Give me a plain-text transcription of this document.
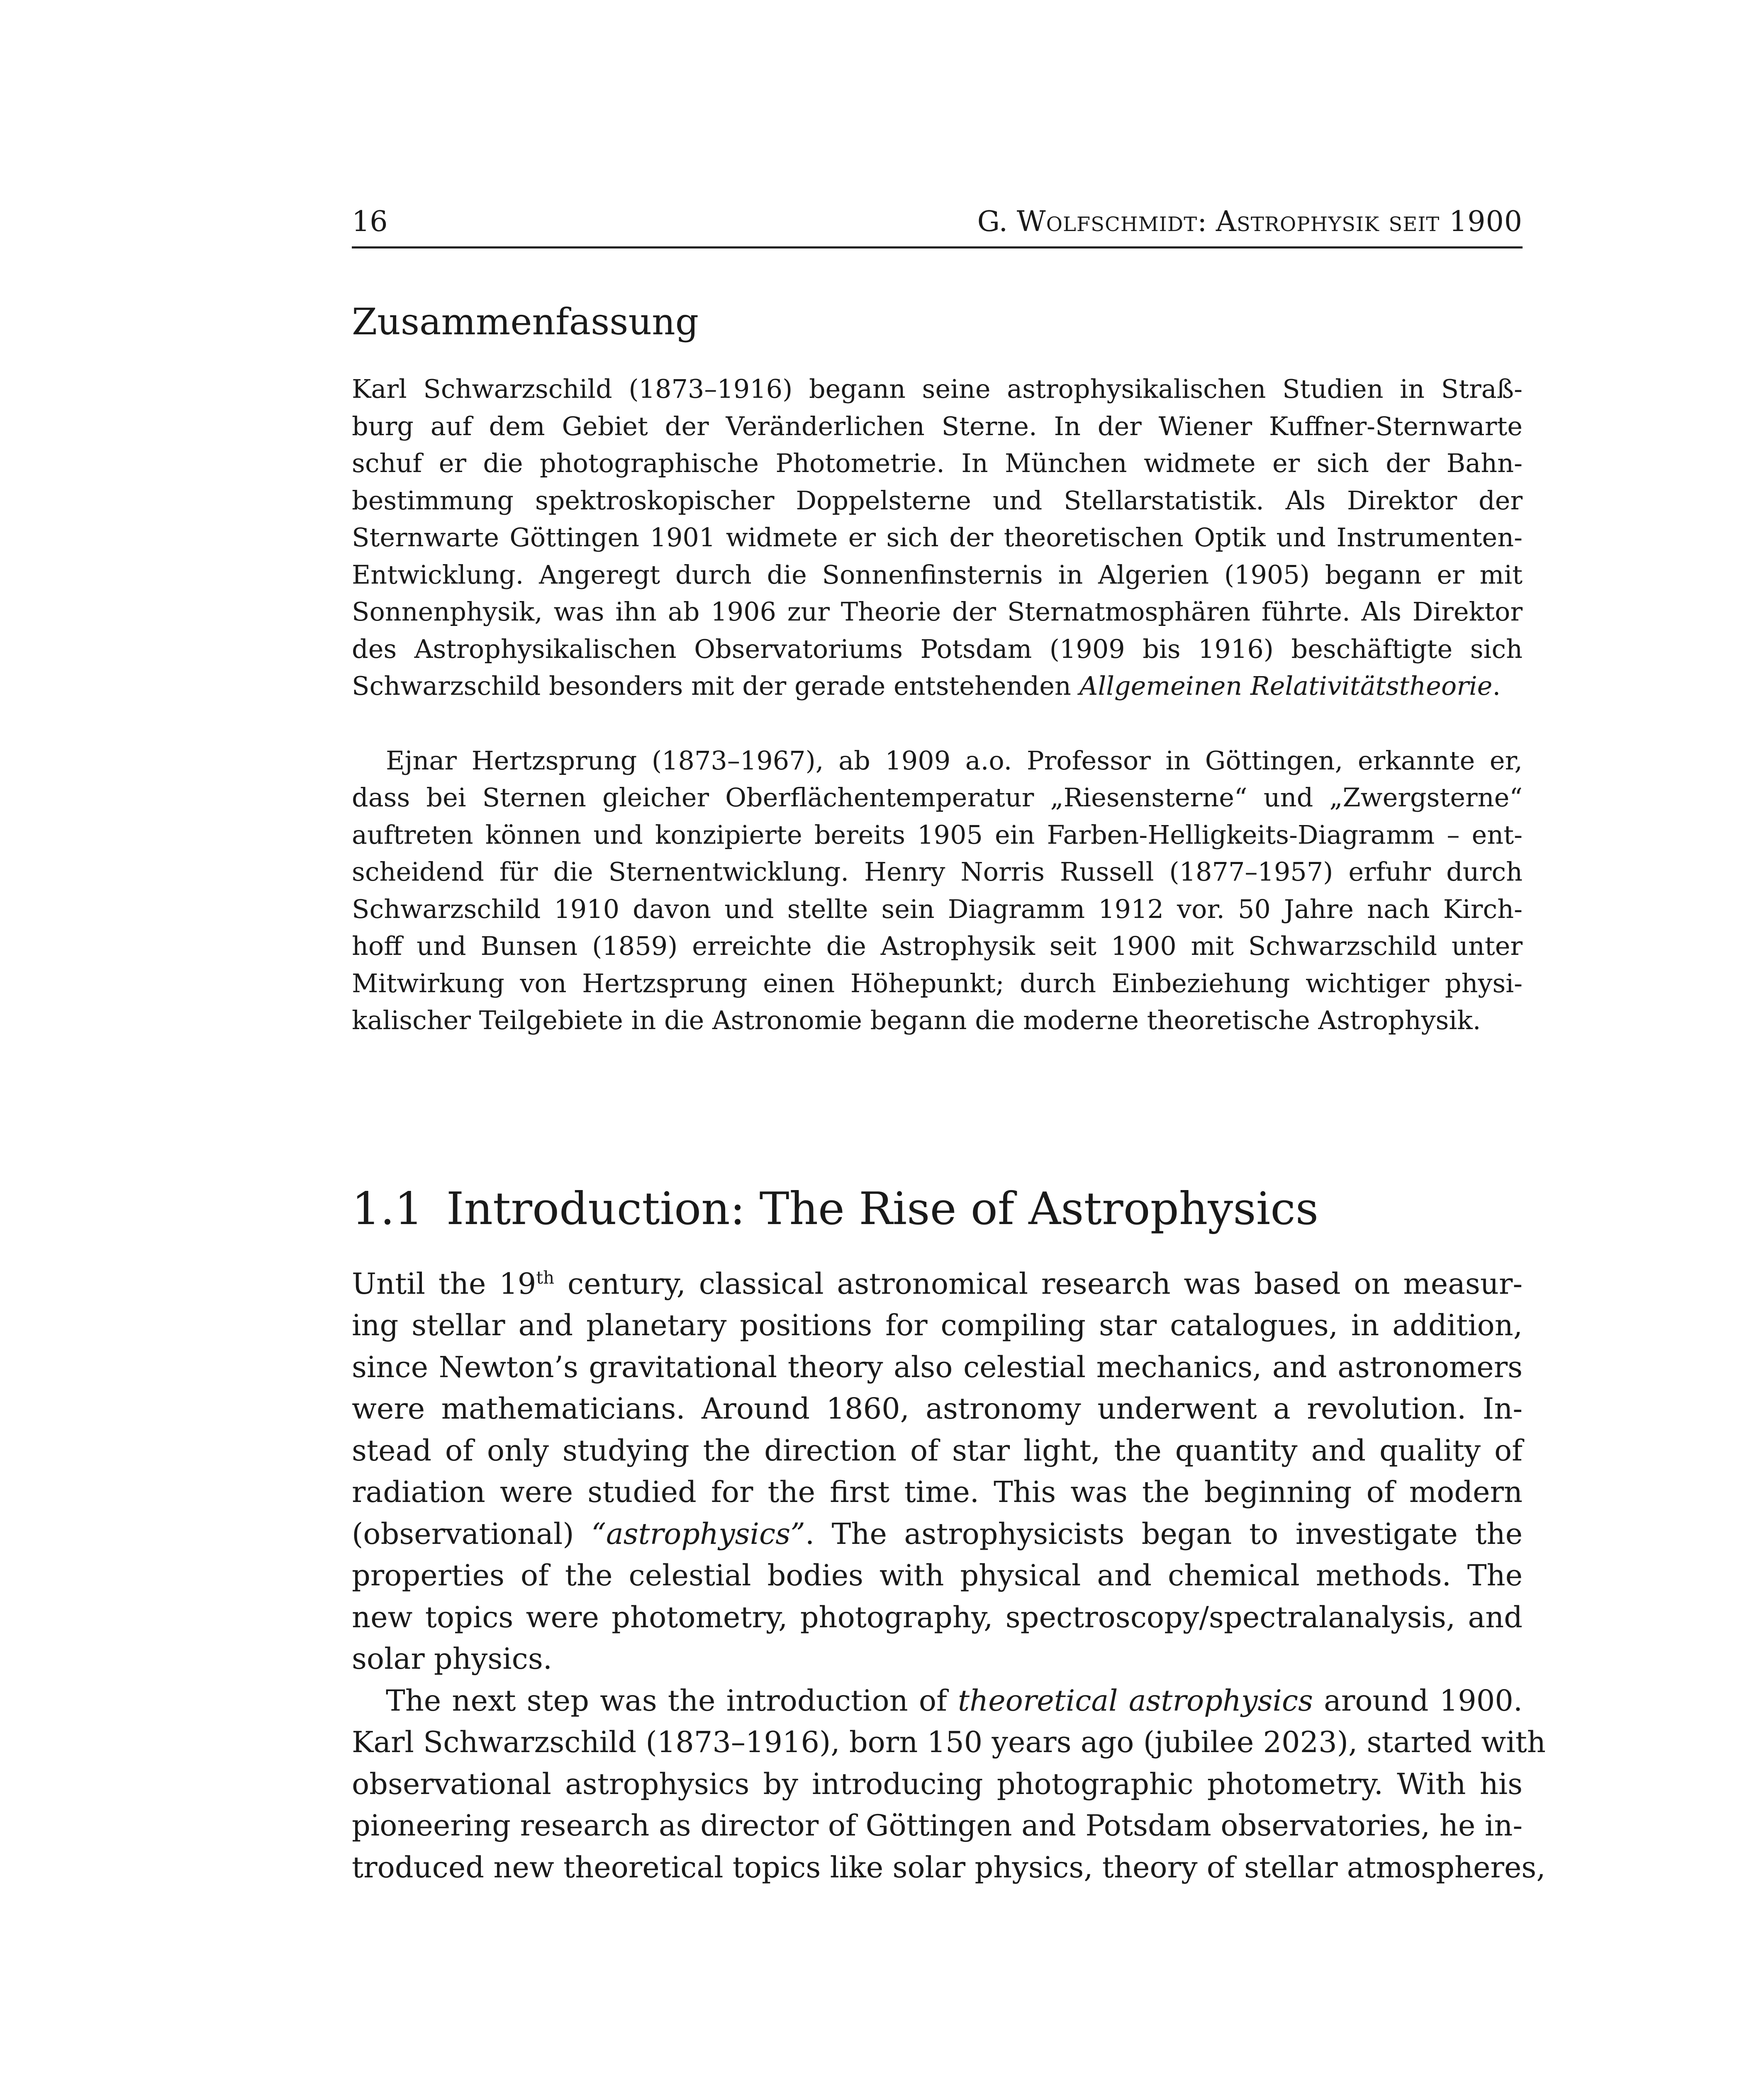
16	G. Wolfschmidt: Astrophysik seit 1900
Zusammenfassung

Karl Schwarzschild (1873–1916) begann seine astrophysikalischen Studien in Straß-
burg auf dem Gebiet der Veränderlichen Sterne. In der Wiener Kuffner-Sternwarte
schuf er die photographische Photometrie. In München widmete er sich der Bahn-
bestimmung spektroskopischer Doppelsterne und Stellarstatistik. Als Direktor der
Sternwarte Göttingen 1901 widmete er sich der theoretischen Optik und Instrumenten-
Entwicklung. Angeregt durch die Sonnenfinsternis in Algerien (1905) begann er mit
Sonnenphysik, was ihn ab 1906 zur Theorie der Sternatmosphären führte. Als Direktor
des Astrophysikalischen Observatoriums Potsdam (1909 bis 1916) beschäftigte sich
Schwarzschild besonders mit der gerade entstehenden Allgemeinen Relativitätstheorie.

Ejnar Hertzsprung (1873–1967), ab 1909 a.o. Professor in Göttingen, erkannte er,
dass bei Sternen gleicher Oberflächentemperatur „Riesensterne“ und „Zwergsterne“
auftreten können und konzipierte bereits 1905 ein Farben-Helligkeits-Diagramm – ent-
scheidend für die Sternentwicklung. Henry Norris Russell (1877–1957) erfuhr durch
Schwarzschild 1910 davon und stellte sein Diagramm 1912 vor. 50 Jahre nach Kirch-
hoff und Bunsen (1859) erreichte die Astrophysik seit 1900 mit Schwarzschild unter
Mitwirkung von Hertzsprung einen Höhepunkt; durch Einbeziehung wichtiger physi-
kalischer Teilgebiete in die Astronomie begann die moderne theoretische Astrophysik.

1.1 Introduction: The Rise of Astrophysics

Until the 19th century, classical astronomical research was based on measur-
ing stellar and planetary positions for compiling star catalogues, in addition,
since Newton’s gravitational theory also celestial mechanics, and astronomers
were mathematicians. Around 1860, astronomy underwent a revolution. In-
stead of only studying the direction of star light, the quantity and quality of
radiation were studied for the first time. This was the beginning of modern
(observational) “astrophysics”. The astrophysicists began to investigate the
properties of the celestial bodies with physical and chemical methods. The
new topics were photometry, photography, spectroscopy/spectralanalysis, and
solar physics.

The next step was the introduction of theoretical astrophysics around 1900.
Karl Schwarzschild (1873–1916), born 150 years ago (jubilee 2023), started with
observational astrophysics by introducing photographic photometry. With his
pioneering research as director of Göttingen and Potsdam observatories, he in-
troduced new theoretical topics like solar physics, theory of stellar atmospheres,
